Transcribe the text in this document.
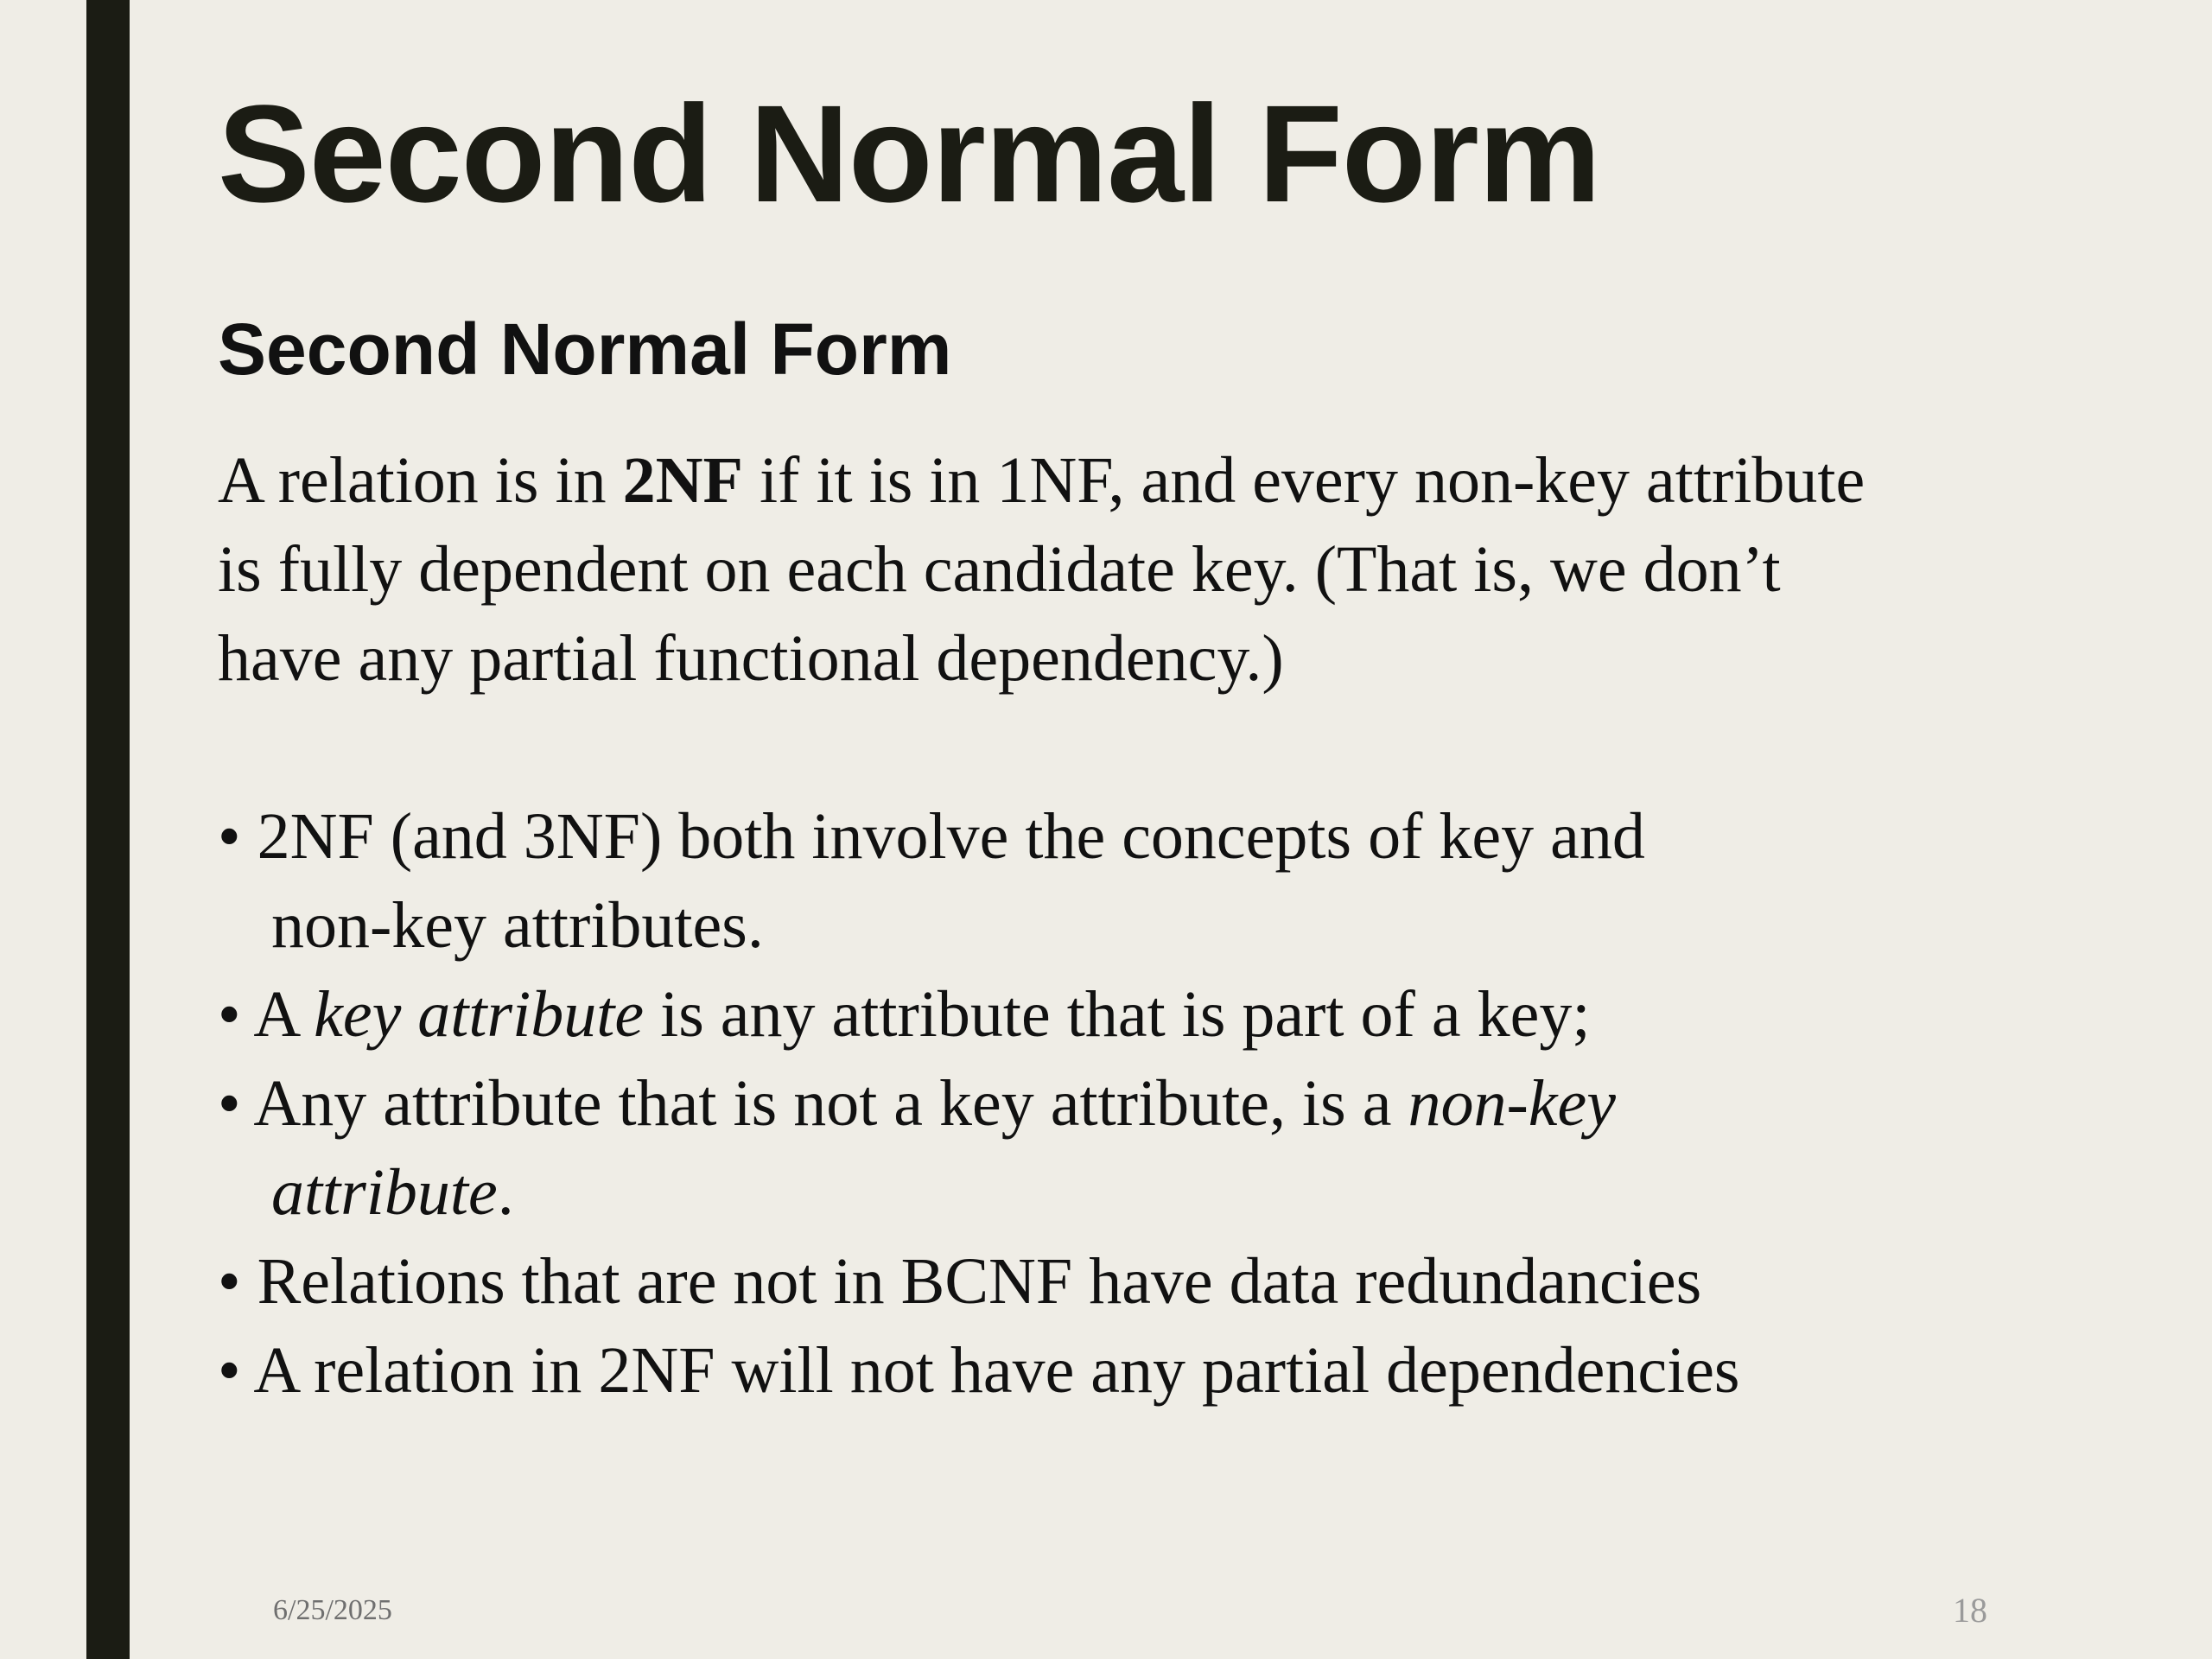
Second Normal Form
Second Normal Form
A relation is in 2NF if it is in 1NF, and every non-key attribute
is fully dependent on each candidate key. (That is, we don’t
have any partial functional dependency.)
• 2NF (and 3NF) both involve the concepts of key and
non-key attributes.
• A key attribute is any attribute that is part of a key;
• Any attribute that is not a key attribute, is a non-key
attribute.
• Relations that are not in BCNF have data redundancies
• A relation in 2NF will not have any partial dependencies
6/25/2025	18
